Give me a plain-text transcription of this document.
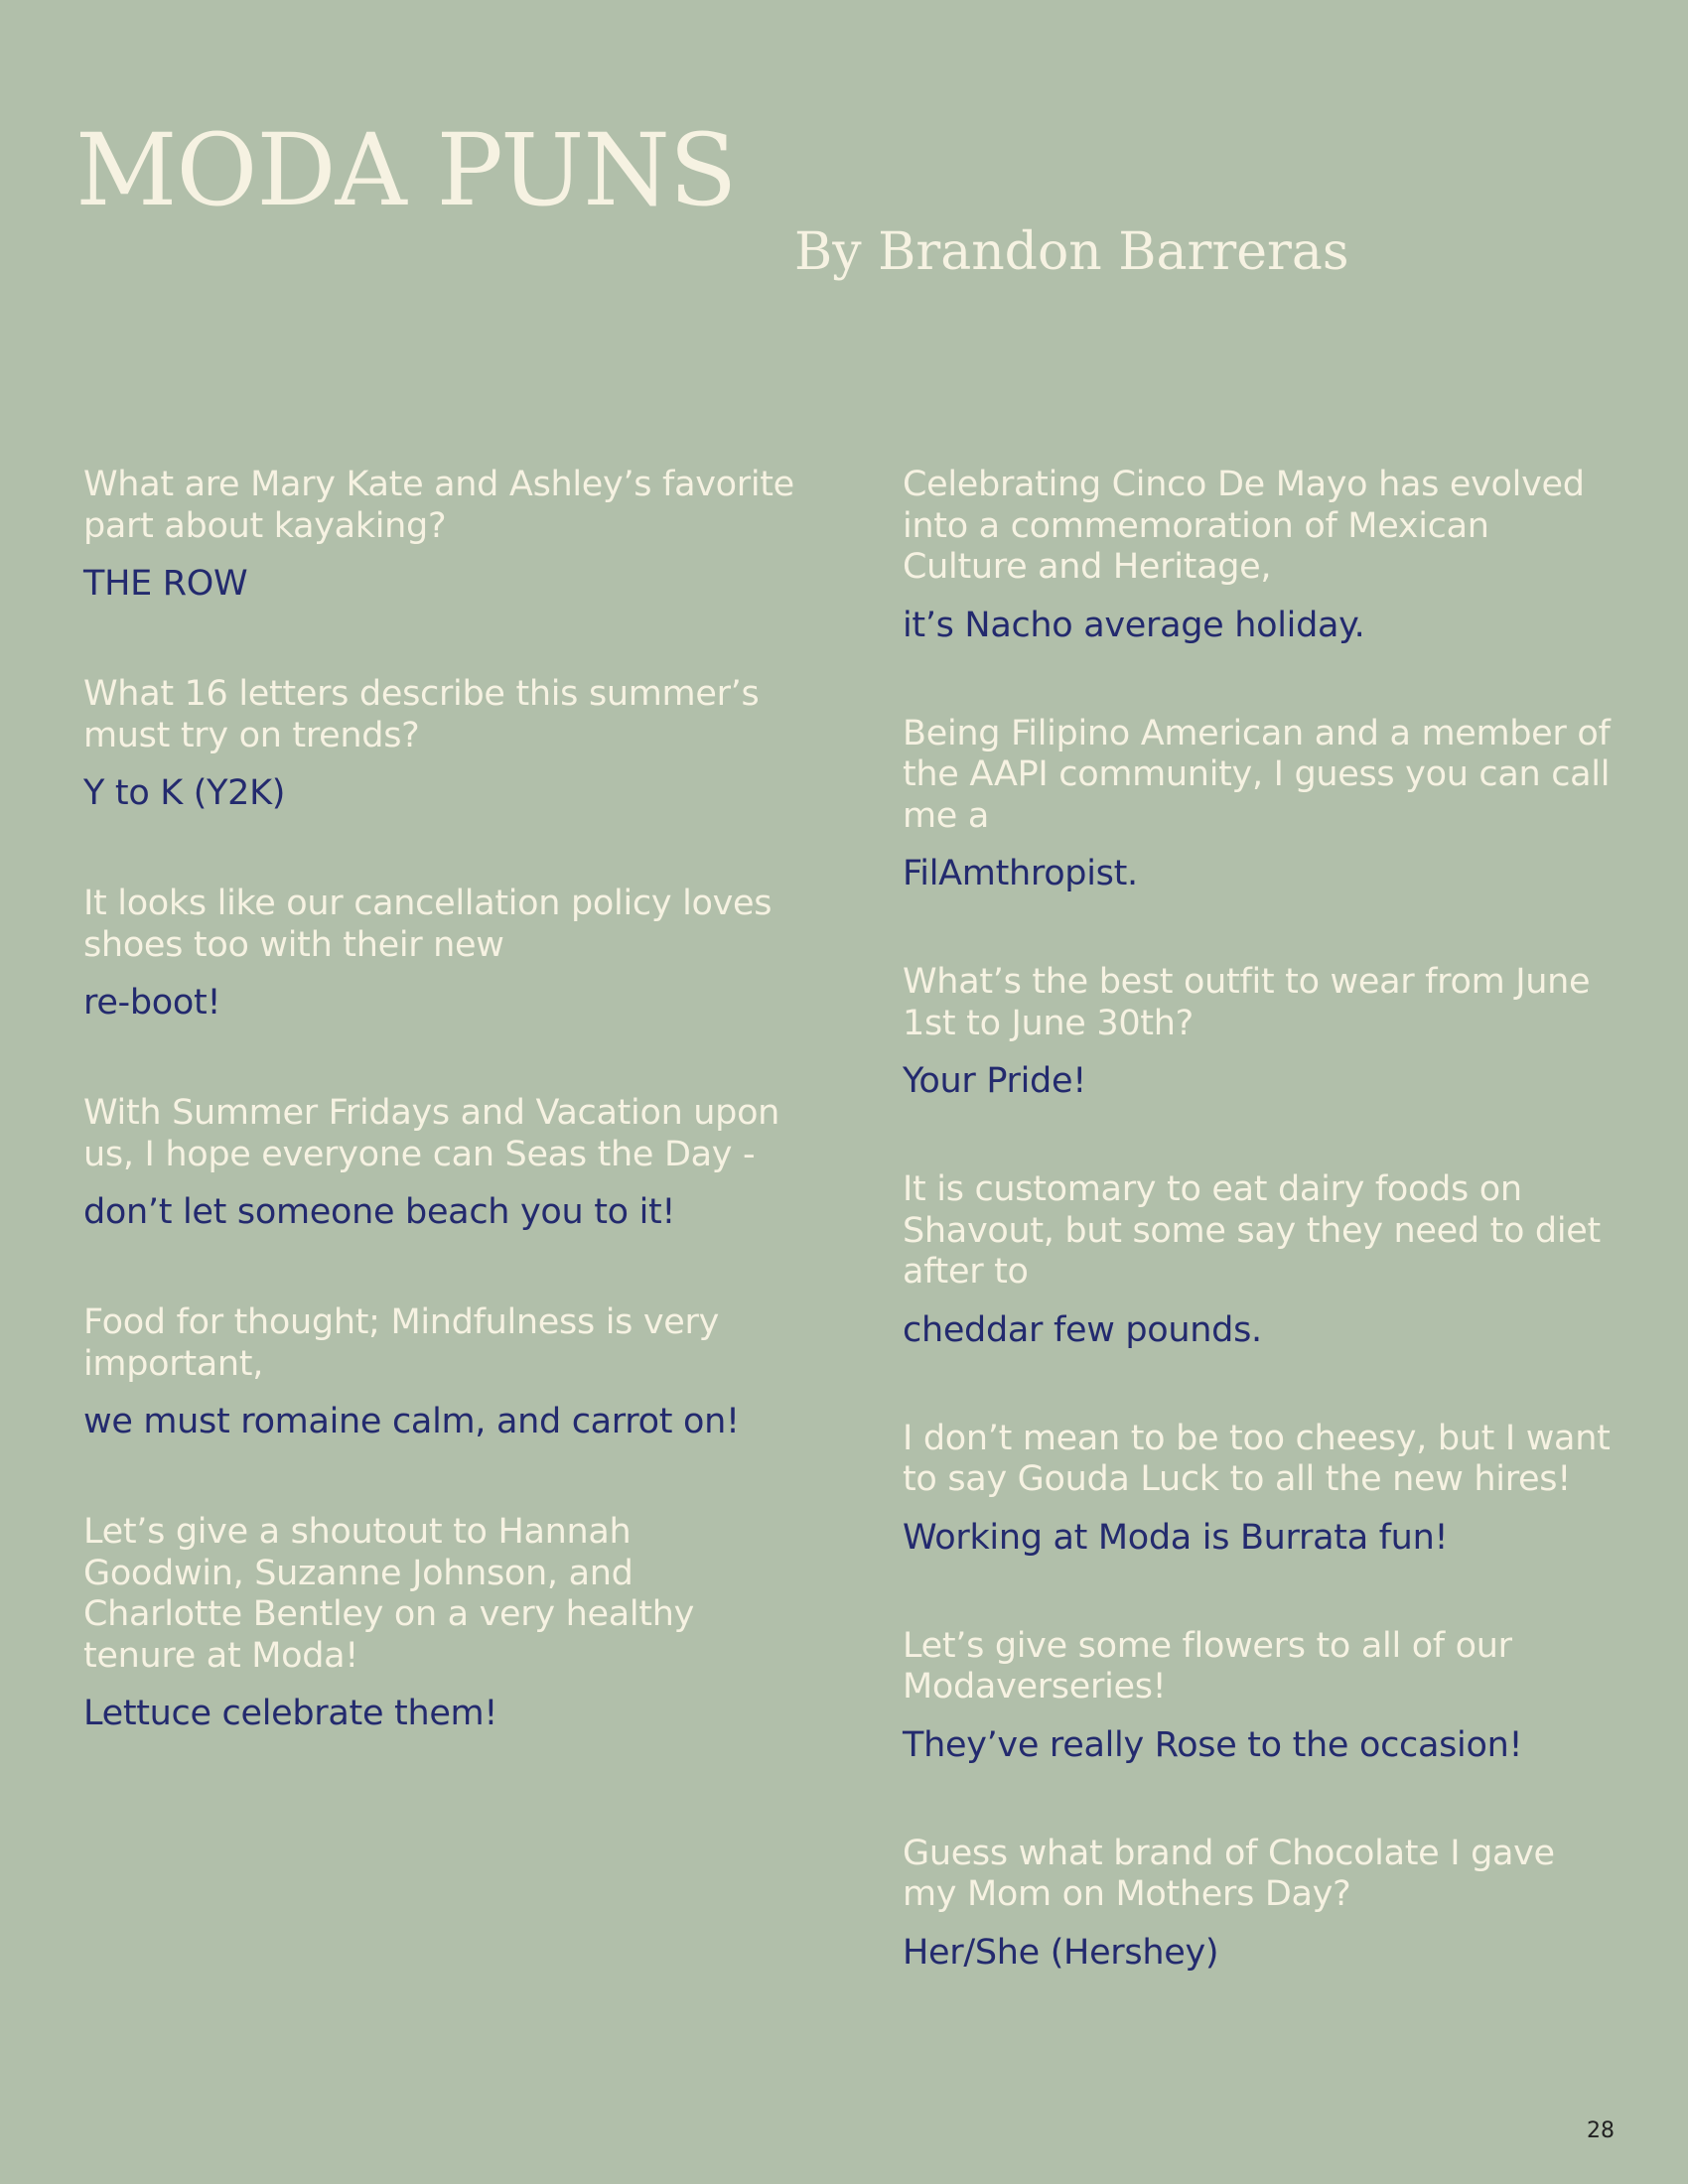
MODA PUNS
By Brandon Barreras

What are Mary Kate and Ashley’s favorite part about kayaking?

THE ROW

What 16 letters describe this summer’s must try on trends?

Y to K (Y2K)

It looks like our cancellation policy loves shoes too with their new

re-boot!

With Summer Fridays and Vacation upon us, I hope everyone can Seas the Day -

don’t let someone beach you to it!

Food for thought; Mindfulness is very important,

we must romaine calm, and carrot on!

Let’s give a shoutout to Hannah Goodwin, Suzanne Johnson, and Charlotte Bentley on a very healthy tenure at Moda!

Lettuce celebrate them!

Celebrating Cinco De Mayo has evolved into a commemoration of Mexican Culture and Heritage,

it’s Nacho average holiday.

Being Filipino American and a member of the AAPI community, I guess you can call me a

FilAmthropist.

What’s the best outfit to wear from June 1st to June 30th?

Your Pride!

It is customary to eat dairy foods on Shavout, but some say they need to diet after to

cheddar few pounds.

I don’t mean to be too cheesy, but I want to say Gouda Luck to all the new hires!

Working at Moda is Burrata fun!

Let’s give some flowers to all of our Modaverseries!

They’ve really Rose to the occasion!

Guess what brand of Chocolate I gave my Mom on Mothers Day?

Her/She (Hershey)

28
